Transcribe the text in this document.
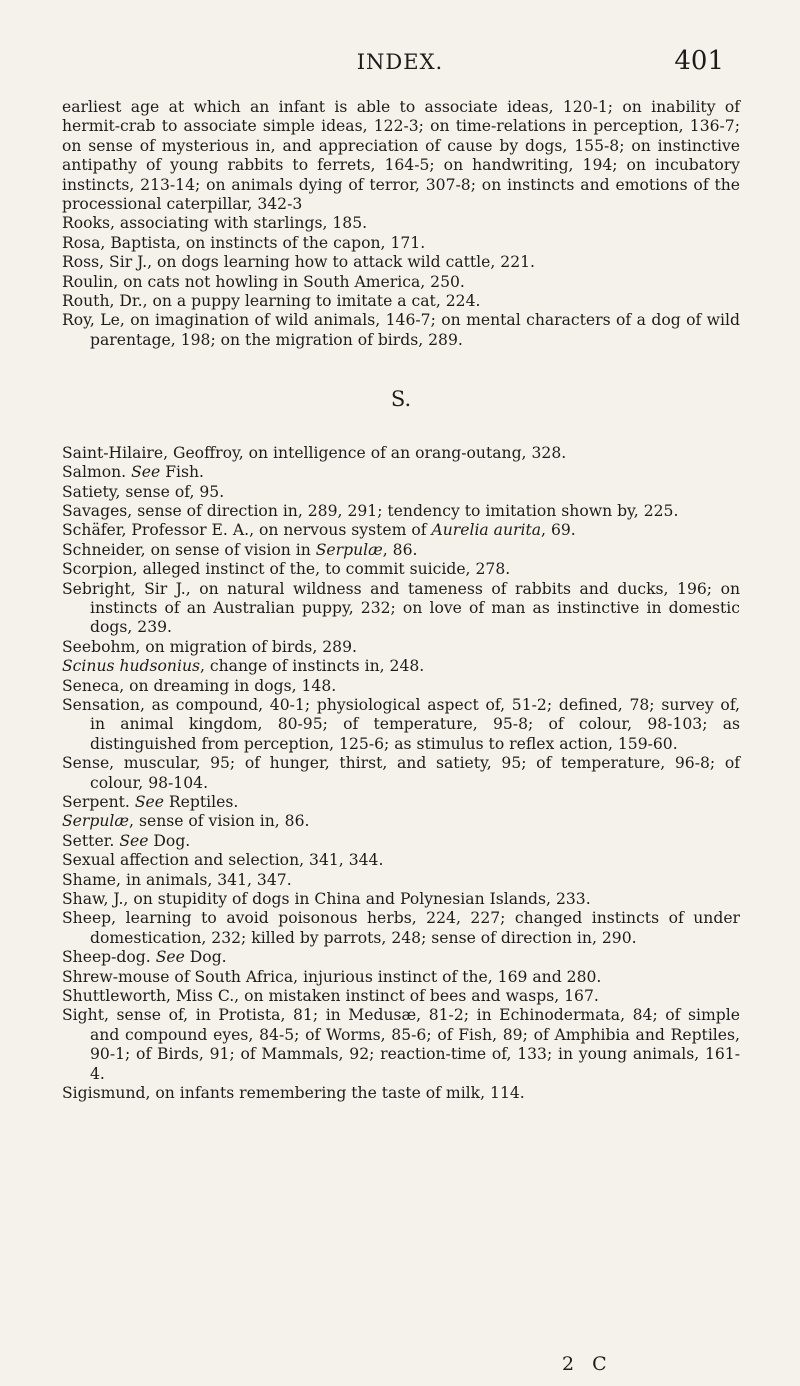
INDEX.	401

earliest age at which an infant is able to associate ideas, 120-1; on inability of hermit-crab to associate simple ideas, 122-3; on time-relations in perception, 136-7; on sense of mysterious in, and appreciation of cause by dogs, 155-8; on instinctive antipathy of young rabbits to ferrets, 164-5; on handwriting, 194; on incubatory instincts, 213-14; on animals dying of terror, 307-8; on instincts and emotions of the processional caterpillar, 342-3

Rooks, associating with starlings, 185.

Rosa, Baptista, on instincts of the capon, 171.

Ross, Sir J., on dogs learning how to attack wild cattle, 221.

Roulin, on cats not howling in South America, 250.

Routh, Dr., on a puppy learning to imitate a cat, 224.

Roy, Le, on imagination of wild animals, 146-7; on mental characters of a dog of wild parentage, 198; on the migration of birds, 289.

S.

Saint-Hilaire, Geoffroy, on intelligence of an orang-outang, 328.

Salmon. See Fish.

Satiety, sense of, 95.

Savages, sense of direction in, 289, 291; tendency to imitation shown by, 225.

Schäfer, Professor E. A., on nervous system of Aurelia aurita, 69.

Schneider, on sense of vision in Serpulæ, 86.

Scorpion, alleged instinct of the, to commit suicide, 278.

Sebright, Sir J., on natural wildness and tameness of rabbits and ducks, 196; on instincts of an Australian puppy, 232; on love of man as instinctive in domestic dogs, 239.

Seebohm, on migration of birds, 289.

Scinus hudsonius, change of instincts in, 248.

Seneca, on dreaming in dogs, 148.

Sensation, as compound, 40-1; physiological aspect of, 51-2; defined, 78; survey of, in animal kingdom, 80-95; of temperature, 95-8; of colour, 98-103; as distinguished from perception, 125-6; as stimulus to reflex action, 159-60.

Sense, muscular, 95; of hunger, thirst, and satiety, 95; of temperature, 96-8; of colour, 98-104.

Serpent. See Reptiles.

Serpulæ, sense of vision in, 86.

Setter. See Dog.

Sexual affection and selection, 341, 344.

Shame, in animals, 341, 347.

Shaw, J., on stupidity of dogs in China and Polynesian Islands, 233.

Sheep, learning to avoid poisonous herbs, 224, 227; changed instincts of under domestication, 232; killed by parrots, 248; sense of direction in, 290.

Sheep-dog. See Dog.

Shrew-mouse of South Africa, injurious instinct of the, 169 and 280.

Shuttleworth, Miss C., on mistaken instinct of bees and wasps, 167.

Sight, sense of, in Protista, 81; in Medusæ, 81-2; in Echinodermata, 84; of simple and compound eyes, 84-5; of Worms, 85-6; of Fish, 89; of Amphibia and Reptiles, 90-1; of Birds, 91; of Mammals, 92; reaction-time of, 133; in young animals, 161-4.

Sigismund, on infants remembering the taste of milk, 114.

2 C
